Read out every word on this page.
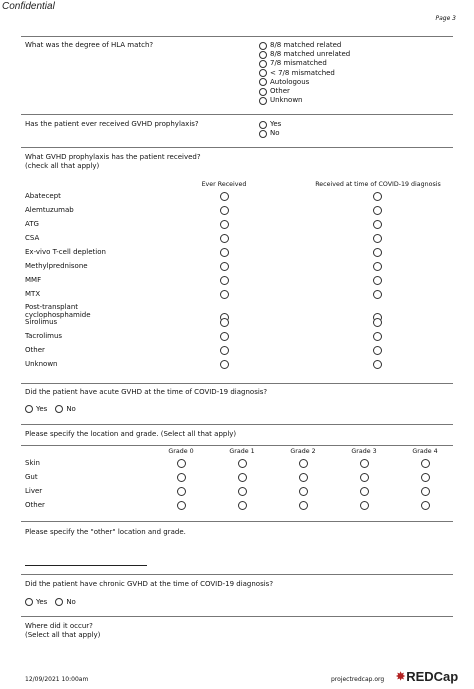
Confidential
Page 3
What was the degree of HLA match?	8/8 matched related
8/8 matched unrelated
7/8 mismatched
< 7/8 mismatched
Autologous
Other
Unknown
Has the patient ever received GVHD prophylaxis?	Yes
No
What GVHD prophylaxis has the patient received?
(check all that apply)
Ever Received	Received at time of COVID-19 diagnosis
Abatecept
Alemtuzumab
ATG
CSA
Ex-vivo T-cell depletion
Methylprednisone
MMF
MTX
Post-transplant cyclophosphamide
Sirolimus
Tacrolimus
Other
Unknown
Did the patient have acute GVHD at the time of COVID-19 diagnosis?
Yes	No
Please specify the location and grade. (Select all that apply)
Grade 0	Grade 1	Grade 2	Grade 3	Grade 4
Skin
Gut
Liver
Other
Please specify the "other" location and grade.
Did the patient have chronic GVHD at the time of COVID-19 diagnosis?
Yes	No
Where did it occur?
(Select all that apply)
12/09/2021 10:00am	projectredcap.org ✸ REDCap
